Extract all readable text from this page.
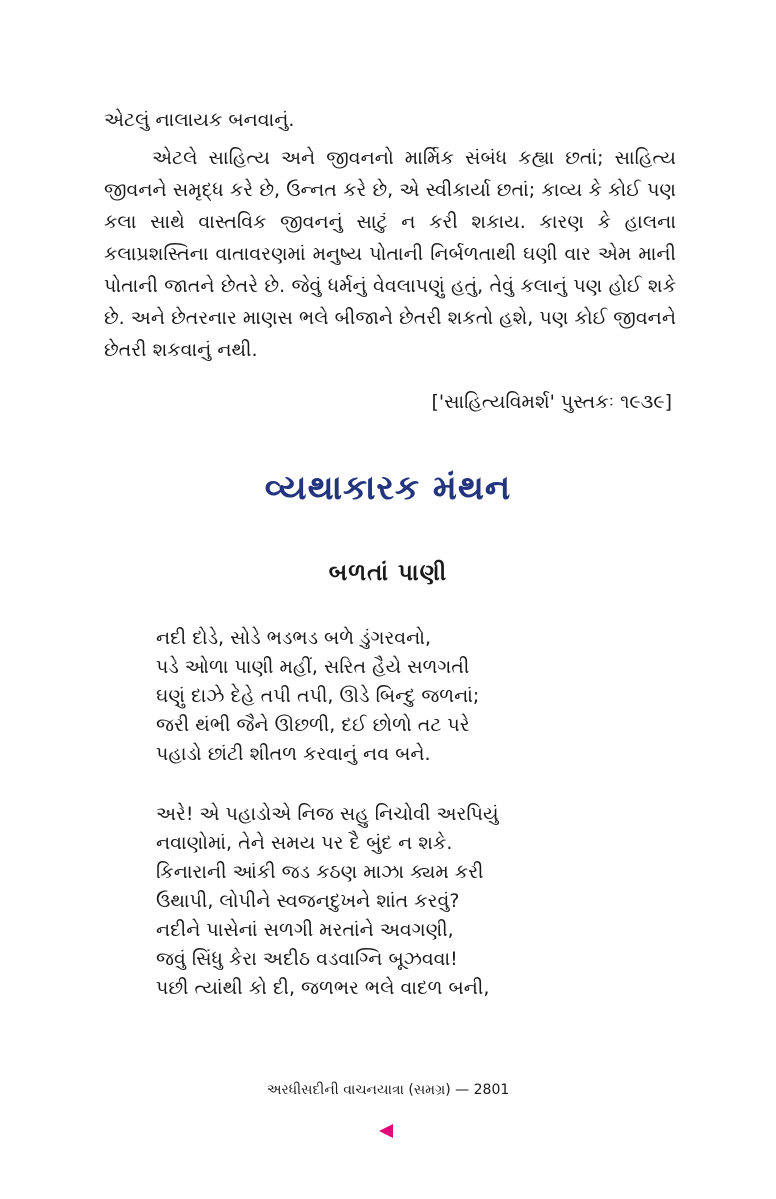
એટલું નાલાયક બનવાનું.

એટલે સાહિત્ય અને જીવનનો માર્મિક સંબંધ કહ્યા છતાં; સાહિત્ય જીવનને સમૃદ્ધ કરે છે, ઉન્નત કરે છે, એ સ્વીકાર્યા છતાં; કાવ્ય કે કોઈ પણ કલા સાથે વાસ્તવિક જીવનનું સાટું ન કરી શકાય. કારણ કે હાલના કલાપ્રશસ્તિના વાતાવરણમાં મનુષ્ય પોતાની નિર્બળતાથી ઘણી વાર એમ માની પોતાની જાતને છેતરે છે. જેવું ધર્મનું વેવલાપણું હતું, તેવું કલાનું પણ હોઈ શકે છે. અને છેતરનાર માણસ ભલે બીજાને છેતરી શકતો હશે, પણ કોઈ જીવનને છેતરી શકવાનું નથી.

['સાહિત્યવિમર્શ' પુસ્તકઃ ૧૯૩૯]
વ્યથાકારક મંથન
બળતાં પાણી
નદી દોડે, સોડે ભડભડ બળે ડુંગરવનો,
પડે ઓળા પાણી મહીં, સરિત હૈયે સળગતી
ઘણું દાઝે દેહે તપી તપી, ઊડે બિન્દુ જળનાં;
જરી થંભી જૈને ઊછળી, દઈ છોળો તટ પરે
પહાડો છાંટી શીતળ કરવાનું નવ બને.
અરે! એ પહાડોએ નિજ સહુ નિચોવી અરપિયું
નવાણોમાં, તેને સમય પર દૈ બુંદ ન શકે.
કિનારાની આંકી જડ કઠણ માઝા ક્યમ કરી
ઉથાપી, લોપીને સ્વજનદુખને શાંત કરવું?
નદીને પાસેનાં સળગી મરતાંને અવગણી,
જવું સિંધુ કેરા અદીઠ વડવાગ્નિ બૂઝવવા!
પછી ત્યાંથી કો દી, જળભર ભલે વાદળ બની,
અરધીસદીની વાચનયાત્રા (સમગ્ર) — 2801
